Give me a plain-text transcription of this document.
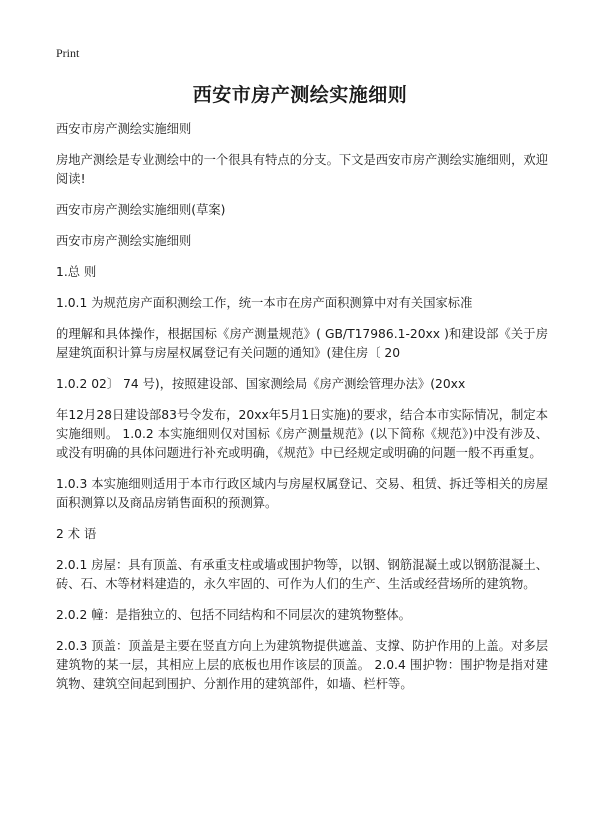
Print
西安市房产测绘实施细则

西安市房产测绘实施细则

房地产测绘是专业测绘中的一个很具有特点的分支。下文是西安市房产测绘实施细则，欢迎阅读!

西安市房产测绘实施细则(草案)

西安市房产测绘实施细则

1.总 则

1.0.1 为规范房产面积测绘工作，统一本市在房产面积测算中对有关国家标准

的理解和具体操作，根据国标《房产测量规范》( GB/T17986.1-20xx )和建设部《关于房屋建筑面积计算与房屋权属登记有关问题的通知》(建住房〔 20

1.0.2 02〕 74 号)，按照建设部、国家测绘局《房产测绘管理办法》(20xx

年12月28日建设部83号令发布，20xx年5月1日实施)的要求，结合本市实际情况，制定本实施细则。 1.0.2 本实施细则仅对国标《房产测量规范》(以下简称《规范》)中没有涉及、或没有明确的具体问题进行补充或明确，《规范》中已经规定或明确的问题一般不再重复。

1.0.3 本实施细则适用于本市行政区域内与房屋权属登记、交易、租赁、拆迁等相关的房屋面积测算以及商品房销售面积的预测算。

2 术 语

2.0.1 房屋：具有顶盖、有承重支柱或墙或围护物等，以钢、钢筋混凝土或以钢筋混凝土、砖、石、木等材料建造的，永久牢固的、可作为人们的生产、生活或经营场所的建筑物。

2.0.2 幢：是指独立的、包括不同结构和不同层次的建筑物整体。

2.0.3 顶盖：顶盖是主要在竖直方向上为建筑物提供遮盖、支撑、防护作用的上盖。对多层建筑物的某一层，其相应上层的底板也用作该层的顶盖。 2.0.4 围护物：围护物是指对建筑物、建筑空间起到围护、分割作用的建筑部件，如墙、栏杆等。
